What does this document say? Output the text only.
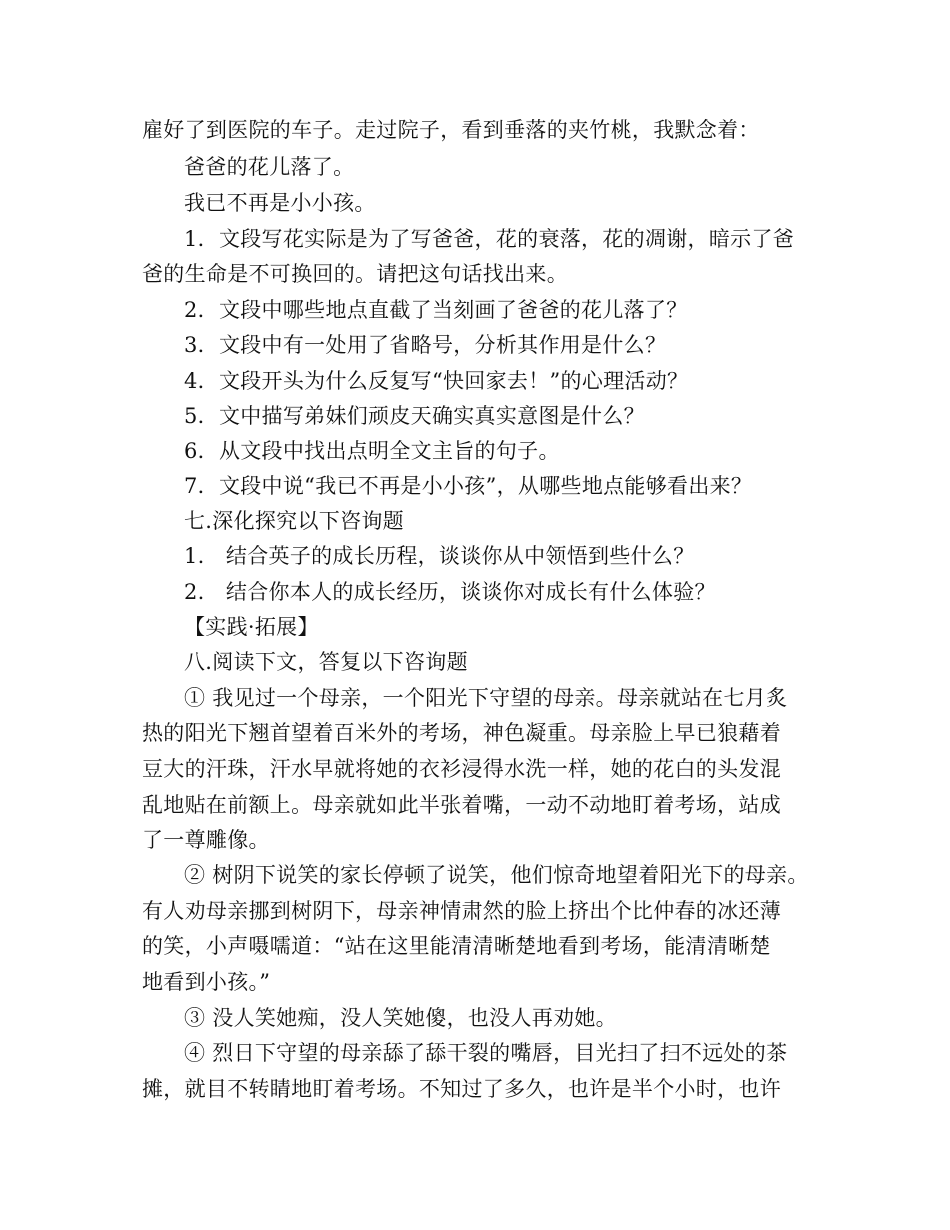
雇好了到医院的车子。走过院子，看到垂落的夹竹桃，我默念着：
爸爸的花儿落了。
我已不再是小小孩。
1．文段写花实际是为了写爸爸，花的衰落，花的凋谢，暗示了爸
爸的生命是不可换回的。请把这句话找出来。
2．文段中哪些地点直截了当刻画了爸爸的花儿落了？
3．文段中有一处用了省略号，分析其作用是什么？
4．文段开头为什么反复写“快回家去！”的心理活动？
5．文中描写弟妹们顽皮天确实真实意图是什么？
6．从文段中找出点明全文主旨的句子。
7．文段中说“我已不再是小小孩”，从哪些地点能够看出来？
七.深化探究以下咨询题
1.　结合英子的成长历程，谈谈你从中领悟到些什么？
2.　结合你本人的成长经历，谈谈你对成长有什么体验？
【实践·拓展】
八.阅读下文，答复以下咨询题
① 我见过一个母亲，一个阳光下守望的母亲。母亲就站在七月炙
热的阳光下翘首望着百米外的考场，神色凝重。母亲脸上早已狼藉着
豆大的汗珠，汗水早就将她的衣衫浸得水洗一样，她的花白的头发混
乱地贴在前额上。母亲就如此半张着嘴，一动不动地盯着考场，站成
了一尊雕像。
② 树阴下说笑的家长停顿了说笑，他们惊奇地望着阳光下的母亲。
有人劝母亲挪到树阴下，母亲神情肃然的脸上挤出个比仲春的冰还薄
的笑，小声嗫嚅道：“站在这里能清清晰楚地看到考场，能清清晰楚
地看到小孩。”
③ 没人笑她痴，没人笑她傻，也没人再劝她。
④ 烈日下守望的母亲舔了舔干裂的嘴唇，目光扫了扫不远处的茶
摊，就目不转睛地盯着考场。不知过了多久，也许是半个小时，也许
